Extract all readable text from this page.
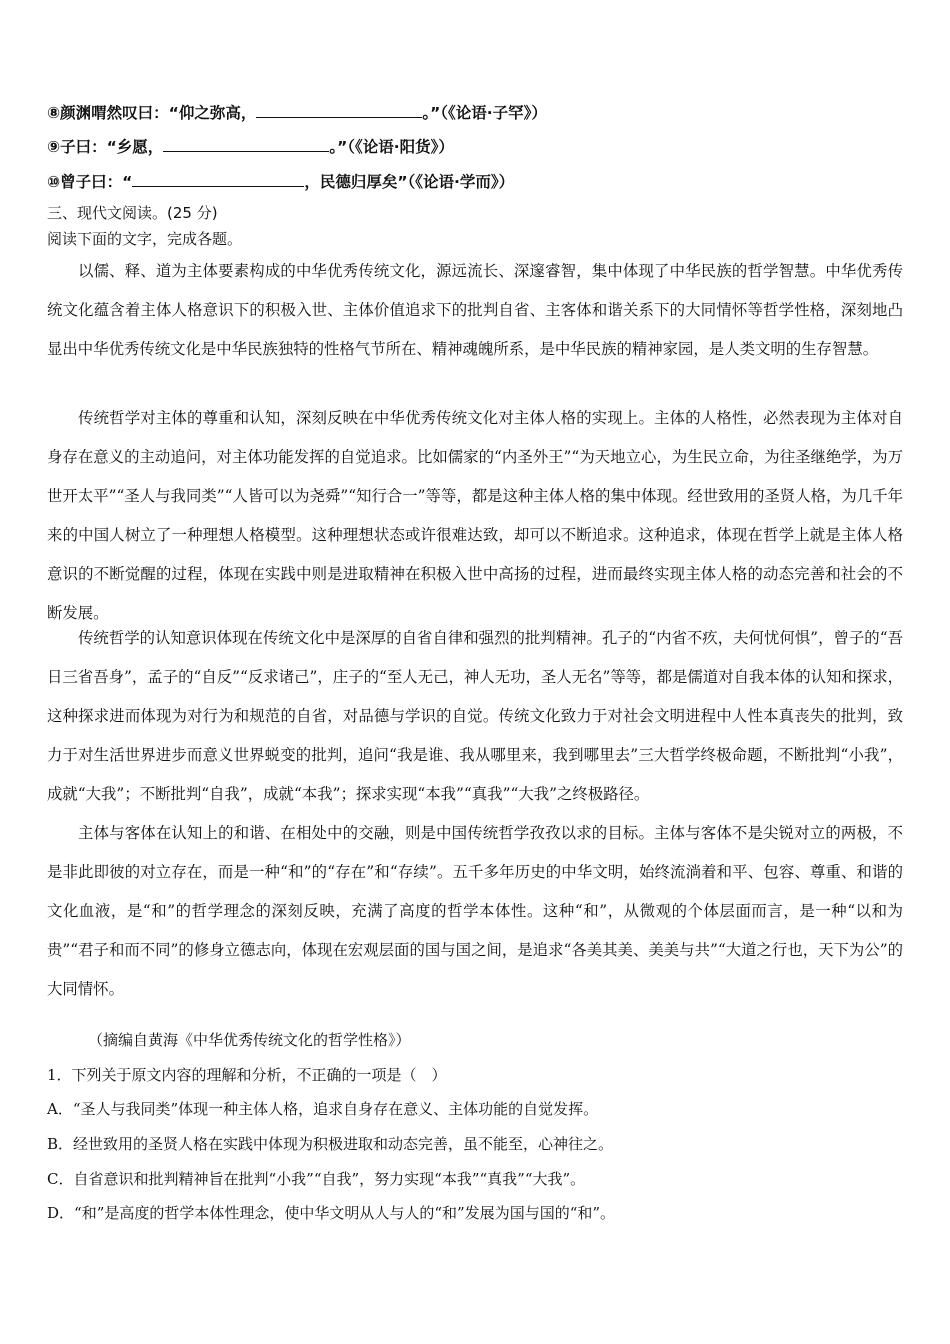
⑧颜渊喟然叹曰：“仰之弥高，	。”（《论语·子罕》）
⑨子曰：“乡愿，	。”（《论语·阳货》）
⑩曾子曰：“	，民德归厚矣”（《论语·学而》）
三、现代文阅读。(25 分)
阅读下面的文字，完成各题。

以儒、释、道为主体要素构成的中华优秀传统文化，源远流长、深邃睿智，集中体现了中华民族的哲学智慧。中华优秀传统文化蕴含着主体人格意识下的积极入世、主体价值追求下的批判自省、主客体和谐关系下的大同情怀等哲学性格，深刻地凸显出中华优秀传统文化是中华民族独特的性格气节所在、精神魂魄所系，是中华民族的精神家园，是人类文明的生存智慧。

传统哲学对主体的尊重和认知，深刻反映在中华优秀传统文化对主体人格的实现上。主体的人格性，必然表现为主体对自身存在意义的主动追问，对主体功能发挥的自觉追求。比如儒家的“内圣外王”“为天地立心，为生民立命，为往圣继绝学，为万世开太平”“圣人与我同类”“人皆可以为尧舜”“知行合一”等等，都是这种主体人格的集中体现。经世致用的圣贤人格，为几千年来的中国人树立了一种理想人格模型。这种理想状态或许很难达致，却可以不断追求。这种追求，体现在哲学上就是主体人格意识的不断觉醒的过程，体现在实践中则是进取精神在积极入世中高扬的过程，进而最终实现主体人格的动态完善和社会的不断发展。

传统哲学的认知意识体现在传统文化中是深厚的自省自律和强烈的批判精神。孔子的“内省不疚，夫何忧何惧”，曾子的“吾日三省吾身”，孟子的“自反”“反求诸己”，庄子的“至人无己，神人无功，圣人无名”等等，都是儒道对自我本体的认知和探求，这种探求进而体现为对行为和规范的自省，对品德与学识的自觉。传统文化致力于对社会文明进程中人性本真丧失的批判，致力于对生活世界进步而意义世界蜕变的批判，追问“我是谁、我从哪里来，我到哪里去”三大哲学终极命题，不断批判“小我”，成就“大我”；不断批判“自我”，成就“本我”；探求实现“本我”“真我”“大我”之终极路径。

主体与客体在认知上的和谐、在相处中的交融，则是中国传统哲学孜孜以求的目标。主体与客体不是尖锐对立的两极，不是非此即彼的对立存在，而是一种“和”的“存在”和“存续”。五千多年历史的中华文明，始终流淌着和平、包容、尊重、和谐的文化血液，是“和”的哲学理念的深刻反映，充满了高度的哲学本体性。这种“和”，从微观的个体层面而言，是一种“以和为贵”“君子和而不同”的修身立德志向，体现在宏观层面的国与国之间，是追求“各美其美、美美与共”“大道之行也，天下为公”的大同情怀。

（摘编自黄海《中华优秀传统文化的哲学性格》）
1．下列关于原文内容的理解和分析，不正确的一项是（　）
A．“圣人与我同类”体现一种主体人格，追求自身存在意义、主体功能的自觉发挥。
B．经世致用的圣贤人格在实践中体现为积极进取和动态完善，虽不能至，心神往之。
C．自省意识和批判精神旨在批判“小我”“自我”，努力实现“本我”“真我”“大我”。
D．“和”是高度的哲学本体性理念，使中华文明从人与人的“和”发展为国与国的“和”。
